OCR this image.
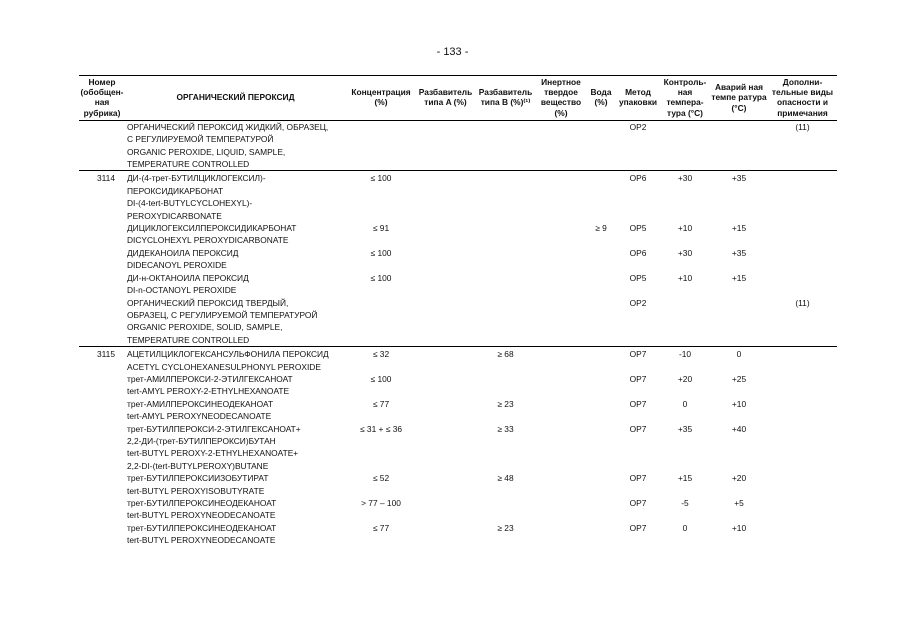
- 133 -
Номер (обобщен-ная рубрика)	ОРГАНИЧЕСКИЙ ПЕРОКСИД	Концентрация (%)	Разбавитель типа A (%)	Разбавитель типа B (%)⁽¹⁾	Инертное твердое вещество (%)	Вода (%)	Метод упаковки	Контроль-ная темпера-тура (°C)	Аварий ная темпе ратура (°C)	Дополни-тельные виды опасности и примечания

	ОРГАНИЧЕСКИЙ ПЕРОКСИД ЖИДКИЙ, ОБРАЗЕЦ,
С РЕГУЛИРУЕМОЙ ТЕМПЕРАТУРОЙ
ORGANIC PEROXIDE, LIQUID, SAMPLE,
TEMPERATURE CONTROLLED						OP2			(11)
3114	ДИ-(4-трет-БУТИЛЦИКЛОГЕКСИЛ)-
ПЕРОКСИДИКАРБОНАТ
DI-(4-tert-BUTYLCYCLOHEXYL)-
PEROXYDICARBONATE	≤ 100					OP6	+30	+35	

	ДИЦИКЛОГЕКСИЛПЕРОКСИДИКАРБОНАТ
DICYCLOHEXYL PEROXYDICARBONATE	≤ 91				≥ 9	OP5	+10	+15	

	ДИДЕКАНОИЛА ПЕРОКСИД
DIDECANOYL PEROXIDE	≤ 100					OP6	+30	+35	

	ДИ-н-ОКТАНОИЛА ПЕРОКСИД
DI-n-OCTANOYL PEROXIDE	≤ 100					OP5	+10	+15	

	ОРГАНИЧЕСКИЙ ПЕРОКСИД ТВЕРДЫЙ,
ОБРАЗЕЦ, С РЕГУЛИРУЕМОЙ ТЕМПЕРАТУРОЙ
ORGANIC PEROXIDE, SOLID, SAMPLE,
TEMPERATURE CONTROLLED						OP2			(11)
3115	АЦЕТИЛЦИКЛОГЕКСАНСУЛЬФОНИЛА ПЕРОКСИД
ACETYL CYCLOHEXANESULPHONYL PEROXIDE	≤ 32		≥ 68			OP7	-10	0	

	трет-АМИЛПЕРОКСИ-2-ЭТИЛГЕКСАНОАТ
tert-AMYL PEROXY-2-ETHYLHEXANOATE	≤ 100					OP7	+20	+25	

	трет-АМИЛПЕРОКСИНЕОДЕКАНОАТ
tert-AMYL PEROXYNEODECANOATE	≤ 77		≥ 23			OP7	0	+10	

	трет-БУТИЛПЕРОКСИ-2-ЭТИЛГЕКСАНОАТ+
2,2-ДИ-(трет-БУТИЛПЕРОКСИ)БУТАН
tert-BUTYL PEROXY-2-ETHYLHEXANOATE+
2,2-DI-(tert-BUTYLPEROXY)BUTANE	≤ 31 + ≤ 36		≥ 33			OP7	+35	+40	

	трет-БУТИЛПЕРОКСИИЗОБУТИРАТ
tert-BUTYL PEROXYISOBUTYRATE	≤ 52		≥ 48			OP7	+15	+20	

	трет-БУТИЛПЕРОКСИНЕОДЕКАНОАТ
tert-BUTYL PEROXYNEODECANOATE	> 77 – 100					OP7	-5	+5	

	трет-БУТИЛПЕРОКСИНЕОДЕКАНОАТ
tert-BUTYL PEROXYNEODECANOATE	≤ 77		≥ 23			OP7	0	+10	
